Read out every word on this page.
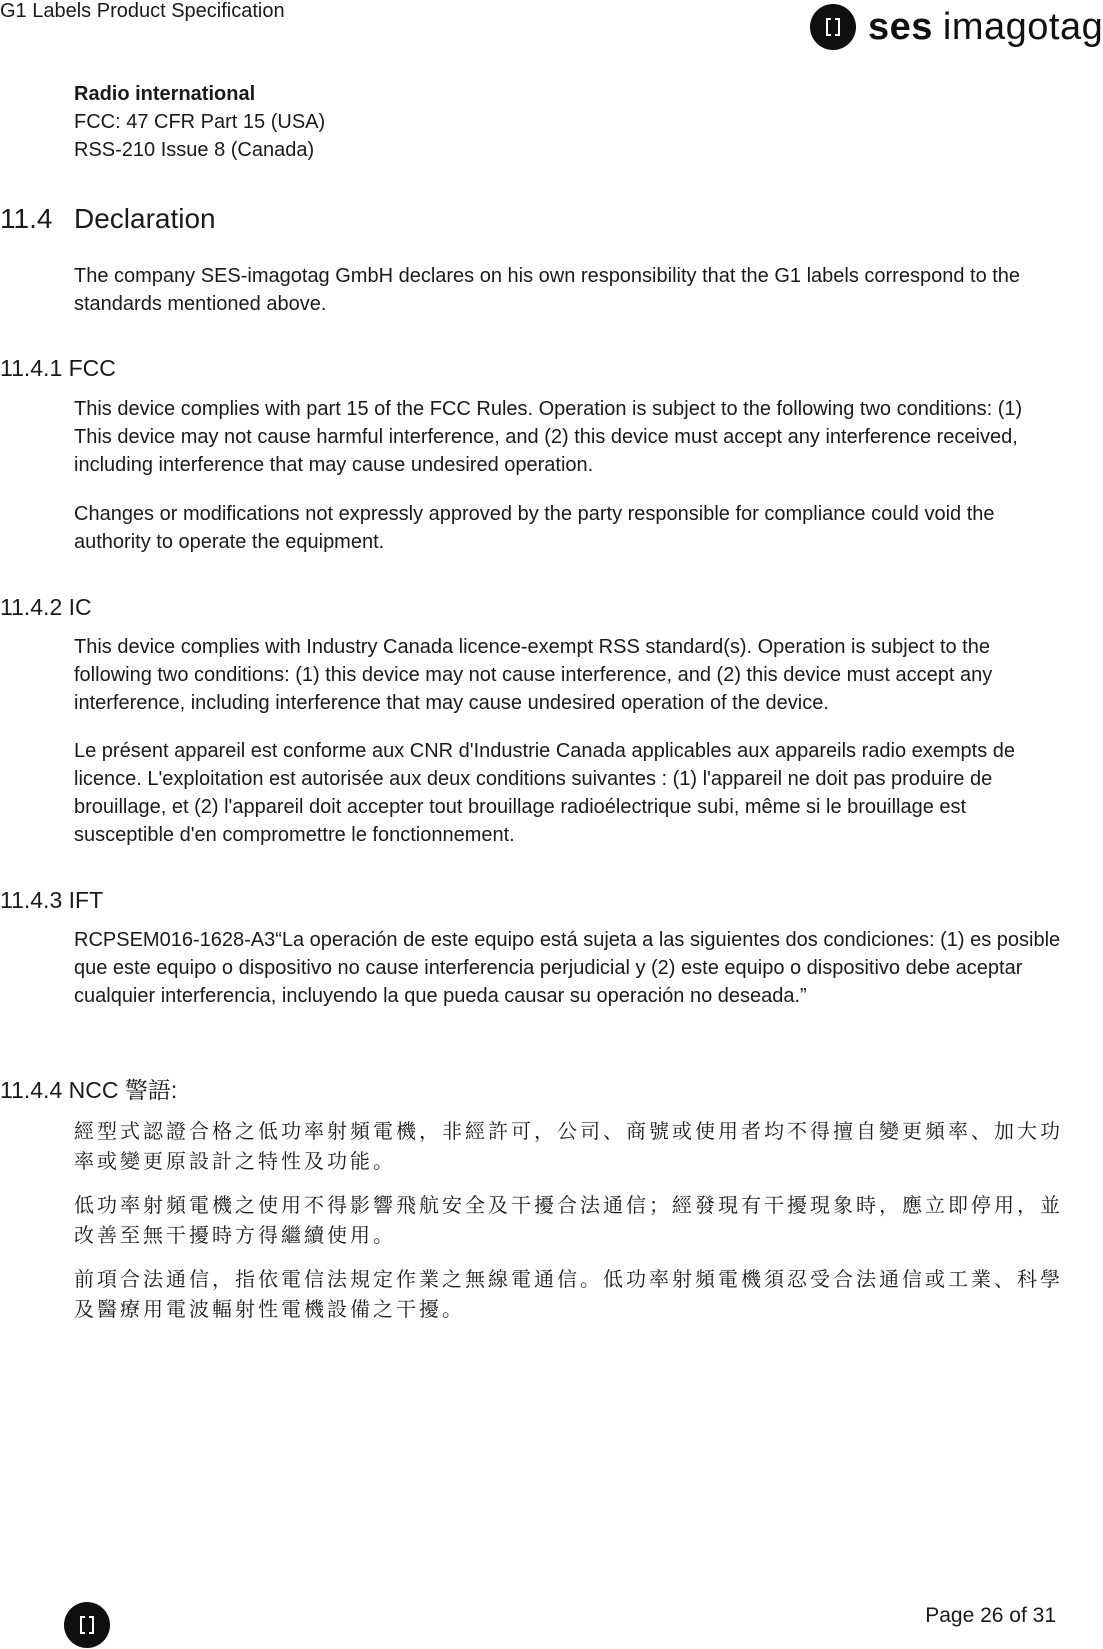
G1 Labels Product Specification	ses imagotag

Radio international

FCC: 47 CFR Part 15 (USA)

RSS-210 Issue 8 (Canada)

11.4 Declaration

The company SES-imagotag GmbH declares on his own responsibility that the G1 labels correspond to the standards mentioned above.

11.4.1 FCC

This device complies with part 15 of the FCC Rules. Operation is subject to the following two conditions: (1) This device may not cause harmful interference, and (2) this device must accept any interference received, including interference that may cause undesired operation.

Changes or modifications not expressly approved by the party responsible for compliance could void the authority to operate the equipment.

11.4.2 IC

This device complies with Industry Canada licence-exempt RSS standard(s). Operation is subject to the following two conditions: (1) this device may not cause interference, and (2) this device must accept any interference, including interference that may cause undesired operation of the device.

Le présent appareil est conforme aux CNR d'Industrie Canada applicables aux appareils radio exempts de licence. L'exploitation est autorisée aux deux conditions suivantes : (1) l'appareil ne doit pas produire de brouillage, et (2) l'appareil doit accepter tout brouillage radioélectrique subi, même si le brouillage est susceptible d'en compromettre le fonctionnement.

11.4.3 IFT

RCPSEM016-1628-A3“La operación de este equipo está sujeta a las siguientes dos condiciones: (1) es posible que este equipo o dispositivo no cause interferencia perjudicial y (2) este equipo o dispositivo debe aceptar cualquier interferencia, incluyendo la que pueda causar su operación no deseada.”

11.4.4 NCC 警語:

經型式認證合格之低功率射頻電機，非經許可，公司、商號或使用者均不得擅自變更頻率、加大功率或變更原設計之特性及功能。

低功率射頻電機之使用不得影響飛航安全及干擾合法通信；經發現有干擾現象時，應立即停用，並改善至無干擾時方得繼續使用。

前項合法通信，指依電信法規定作業之無線電通信。低功率射頻電機須忍受合法通信或工業、科學及醫療用電波輻射性電機設備之干擾。

Page 26 of 31
